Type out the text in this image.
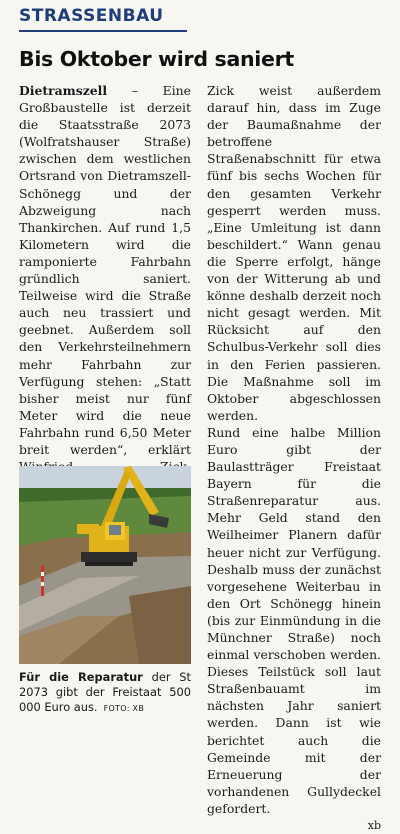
STRASSENBAU
Bis Oktober wird saniert

Dietramszell – Eine Großbaustelle ist derzeit die Staatsstraße 2073 (Wolfratshauser Straße) zwischen dem westlichen Ortsrand von Dietramszell-Schönegg und der Abzweigung nach Thankirchen. Auf rund 1,5 Kilometern wird die ramponierte Fahrbahn gründlich saniert. Teilweise wird die Straße auch neu trassiert und geebnet. Außerdem soll den Verkehrsteilnehmern mehr Fahrbahn zur Verfügung stehen: „Statt bisher meist nur fünf Meter wird die neue Fahrbahn rund 6,50 Meter breit werden“, erklärt

Für die Reparatur der St 2073 gibt der Freistaat 500 000 Euro aus. FOTO: XB

Zick weist außerdem darauf hin, dass im Zuge der Baumaßnahme der betroffene Straßenabschnitt für etwa fünf bis sechs Wochen für den gesamten Verkehr gesperrt werden muss. „Eine Umleitung ist dann beschildert.“ Wann genau die Sperre erfolgt, hänge von der Witterung ab und könne deshalb derzeit noch nicht gesagt werden. Mit Rücksicht auf den Schulbus-Verkehr soll dies in den Ferien passieren. Die Maßnahme soll im Oktober abgeschlossen werden.

Rund eine halbe Million Euro gibt der Baulastträger Freistaat Bayern für die Straßenreparatur aus. Mehr Geld stand den Weilheimer Planern dafür heuer nicht zur Verfügung. Deshalb muss der zunächst vorgesehene Weiterbau in den Ort Schönegg hinein (bis zur Einmündung in die Münchner Straße) noch einmal verschoben werden. Dieses Teilstück soll laut Straßenbauamt im nächsten Jahr saniert werden. Dann ist wie berichtet auch die Gemeinde mit der Erneuerung der vorhandenen Gullydeckel gefordert.

xb
